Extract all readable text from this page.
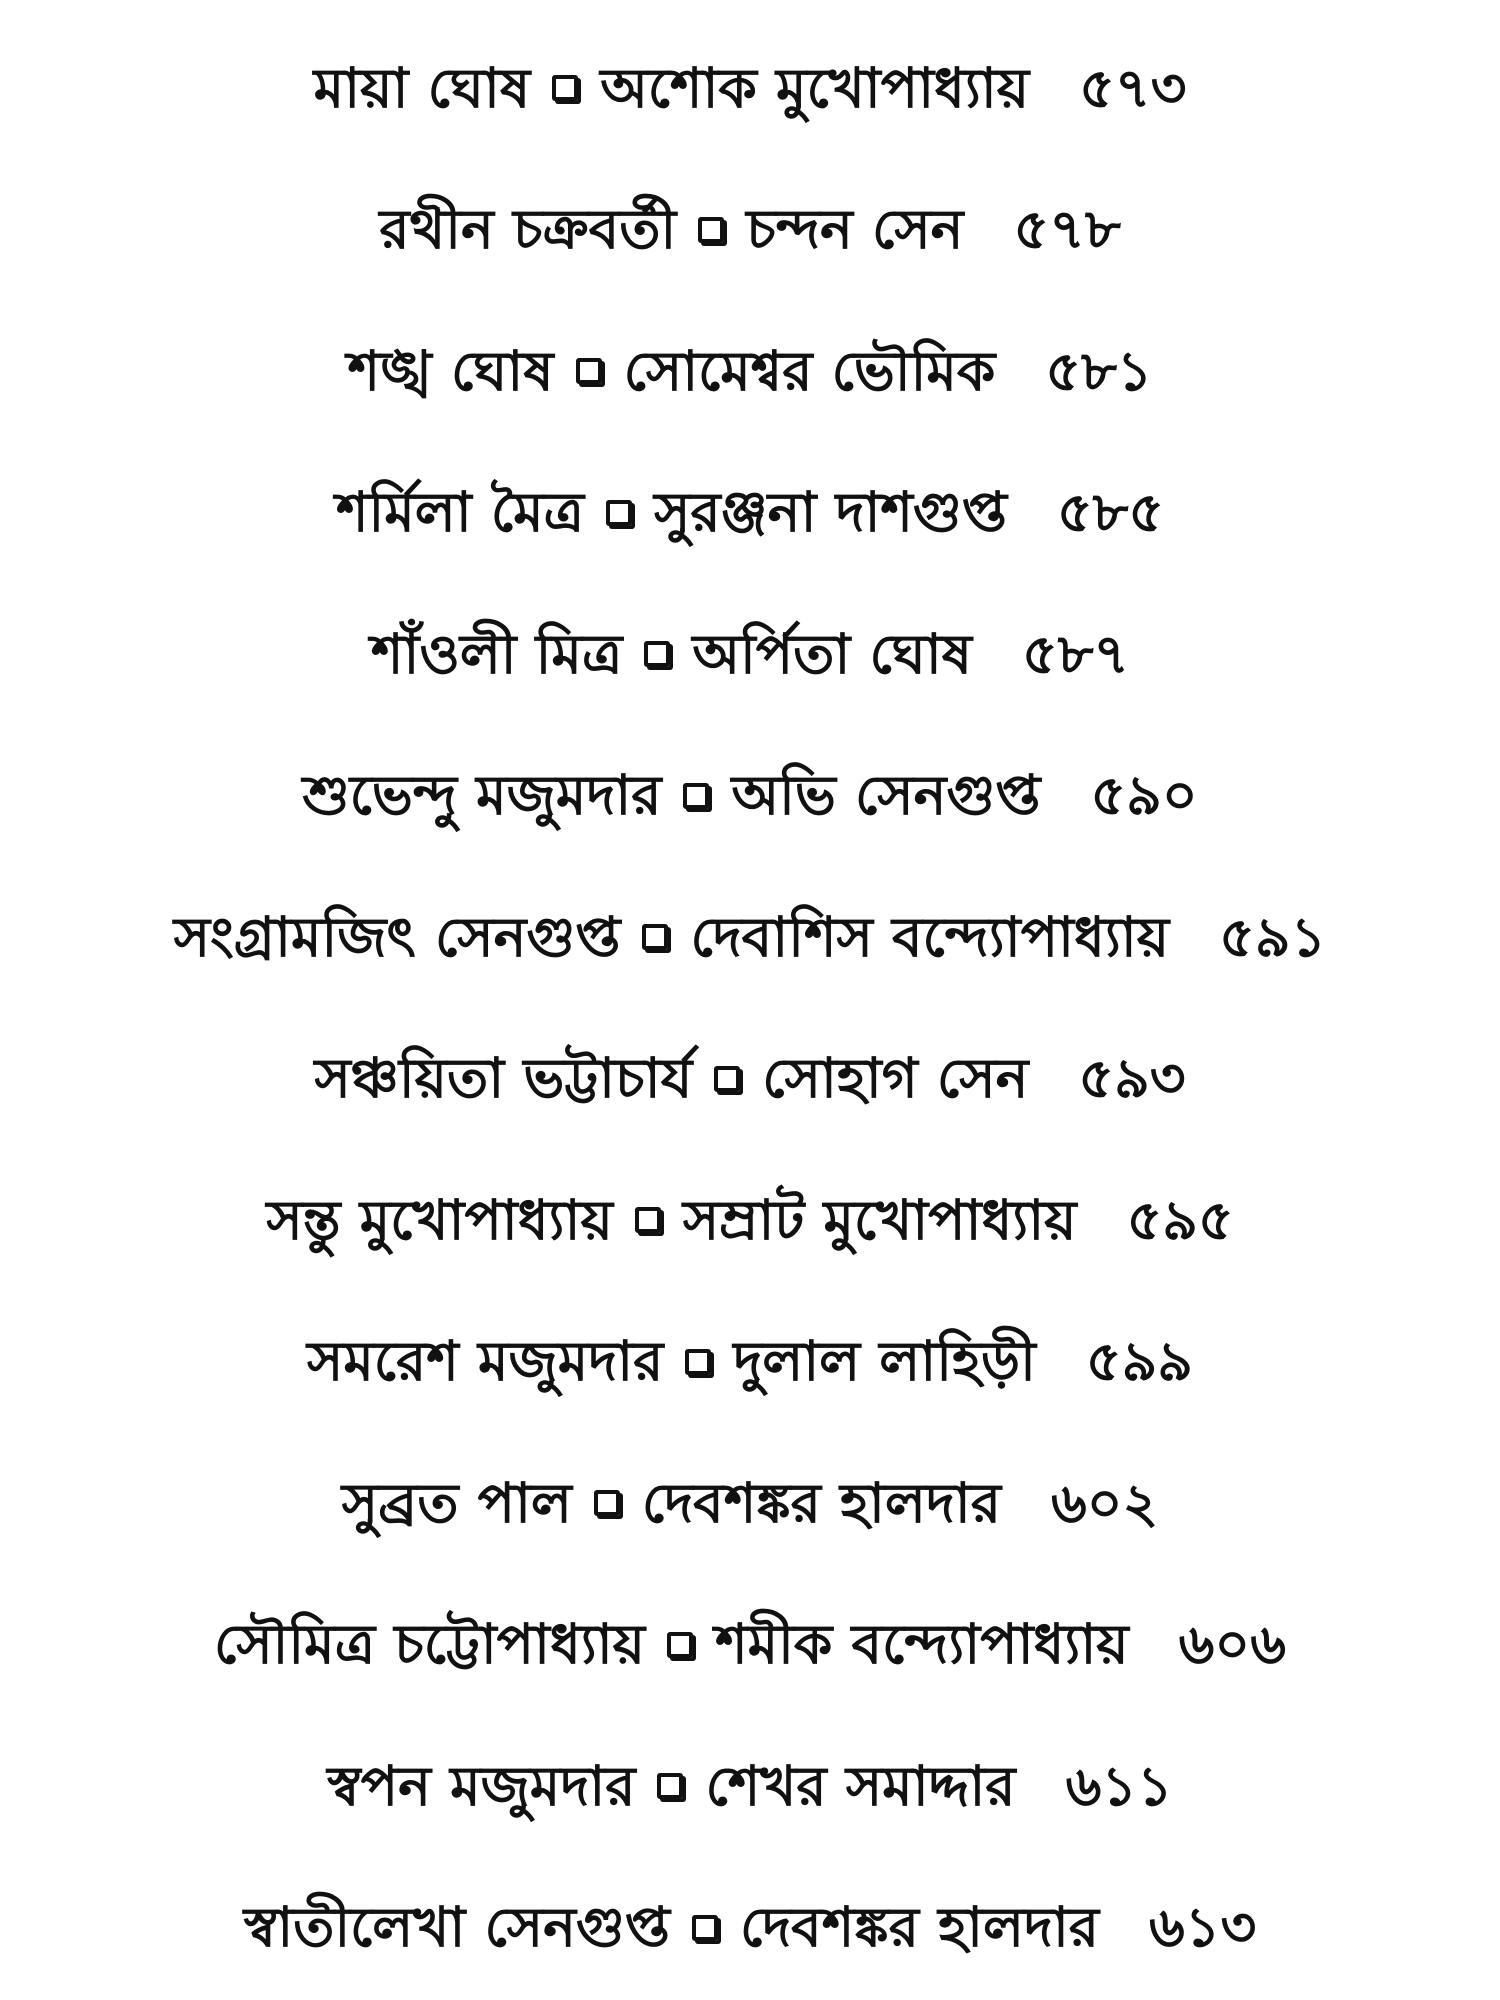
মায়া ঘোষ অশোক মুখোপাধ্যায় ৫৭৩
রথীন চক্রবর্তী চন্দন সেন ৫৭৮
শঙ্খ ঘোষ সোমেশ্বর ভৌমিক ৫৮১
শর্মিলা মৈত্র সুরঞ্জনা দাশগুপ্ত ৫৮৫
শাঁওলী মিত্র অর্পিতা ঘোষ ৫৮৭
শুভেন্দু মজুমদার অভি সেনগুপ্ত ৫৯০
সংগ্রামজিৎ সেনগুপ্ত দেবাশিস বন্দ্যোপাধ্যায় ৫৯১
সঞ্চয়িতা ভট্টাচার্য সোহাগ সেন ৫৯৩
সন্তু মুখোপাধ্যায় সম্রাট মুখোপাধ্যায় ৫৯৫
সমরেশ মজুমদার দুলাল লাহিড়ী ৫৯৯
সুব্রত পাল দেবশঙ্কর হালদার ৬০২
সৌমিত্র চট্টোপাধ্যায় শমীক বন্দ্যোপাধ্যায় ৬০৬
স্বপন মজুমদার শেখর সমাদ্দার ৬১১
স্বাতীলেখা সেনগুপ্ত দেবশঙ্কর হালদার ৬১৩
